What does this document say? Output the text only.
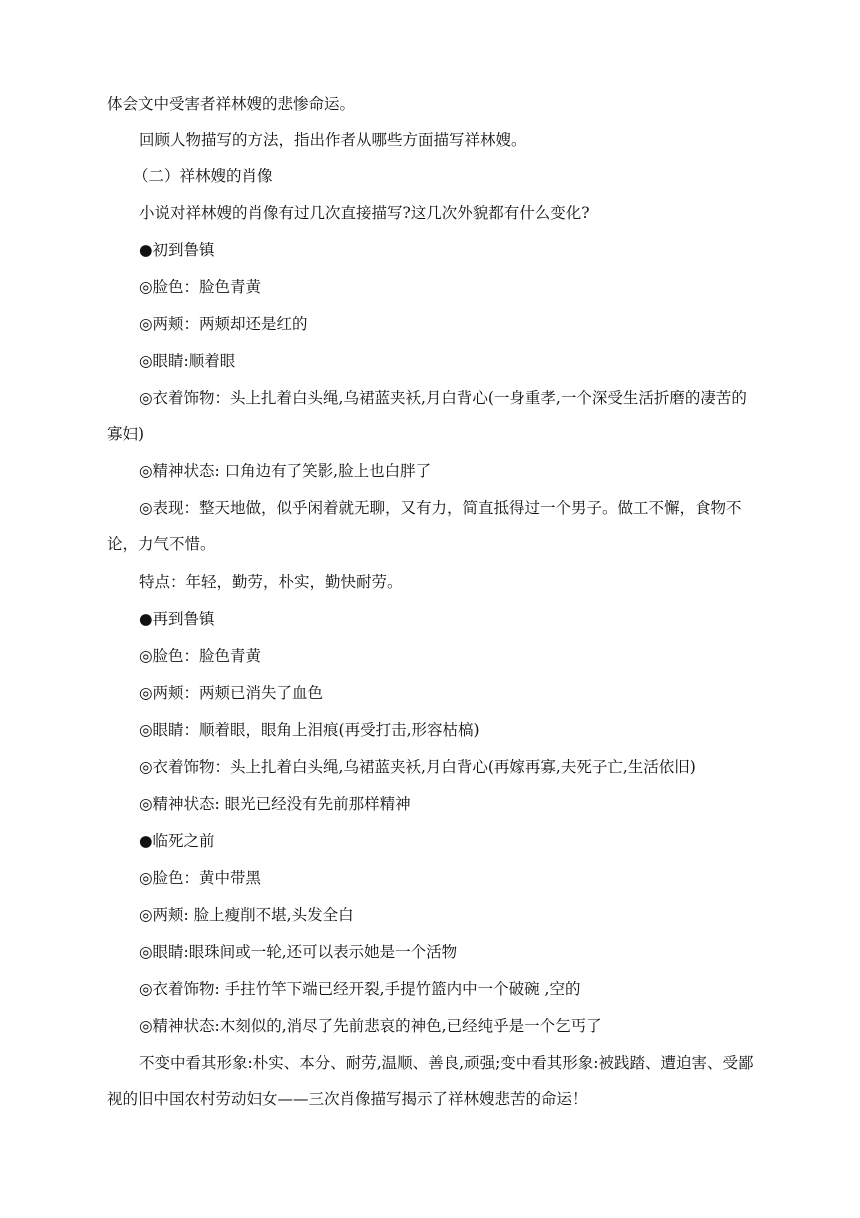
体会文中受害者祥林嫂的悲惨命运。

回顾人物描写的方法，指出作者从哪些方面描写祥林嫂。

（二）祥林嫂的肖像

小说对祥林嫂的肖像有过几次直接描写?这几次外貌都有什么变化?

●初到鲁镇

◎脸色：脸色青黄

◎两颊：两颊却还是红的

◎眼睛:顺着眼

◎衣着饰物：头上扎着白头绳,乌裙蓝夹袄,月白背心(一身重孝,一个深受生活折磨的凄苦的寡妇)

◎精神状态: 口角边有了笑影,脸上也白胖了

◎表现：整天地做，似乎闲着就无聊，又有力，简直抵得过一个男子。做工不懈，食物不论，力气不惜。

特点：年轻，勤劳，朴实，勤快耐劳。

●再到鲁镇

◎脸色：脸色青黄

◎两颊：两颊已消失了血色

◎眼睛：顺着眼，眼角上泪痕(再受打击,形容枯槁)

◎衣着饰物：头上扎着白头绳,乌裙蓝夹袄,月白背心(再嫁再寡,夫死子亡,生活依旧)

◎精神状态: 眼光已经没有先前那样精神

●临死之前

◎脸色：黄中带黑

◎两颊: 脸上瘦削不堪,头发全白

◎眼睛:眼珠间或一轮,还可以表示她是一个活物

◎衣着饰物: 手拄竹竿下端已经开裂,手提竹篮内中一个破碗 ,空的

◎精神状态:木刻似的,消尽了先前悲哀的神色,已经纯乎是一个乞丐了

不变中看其形象:朴实、本分、耐劳,温顺、善良,顽强;变中看其形象:被践踏、遭迫害、受鄙视的旧中国农村劳动妇女——三次肖像描写揭示了祥林嫂悲苦的命运！
